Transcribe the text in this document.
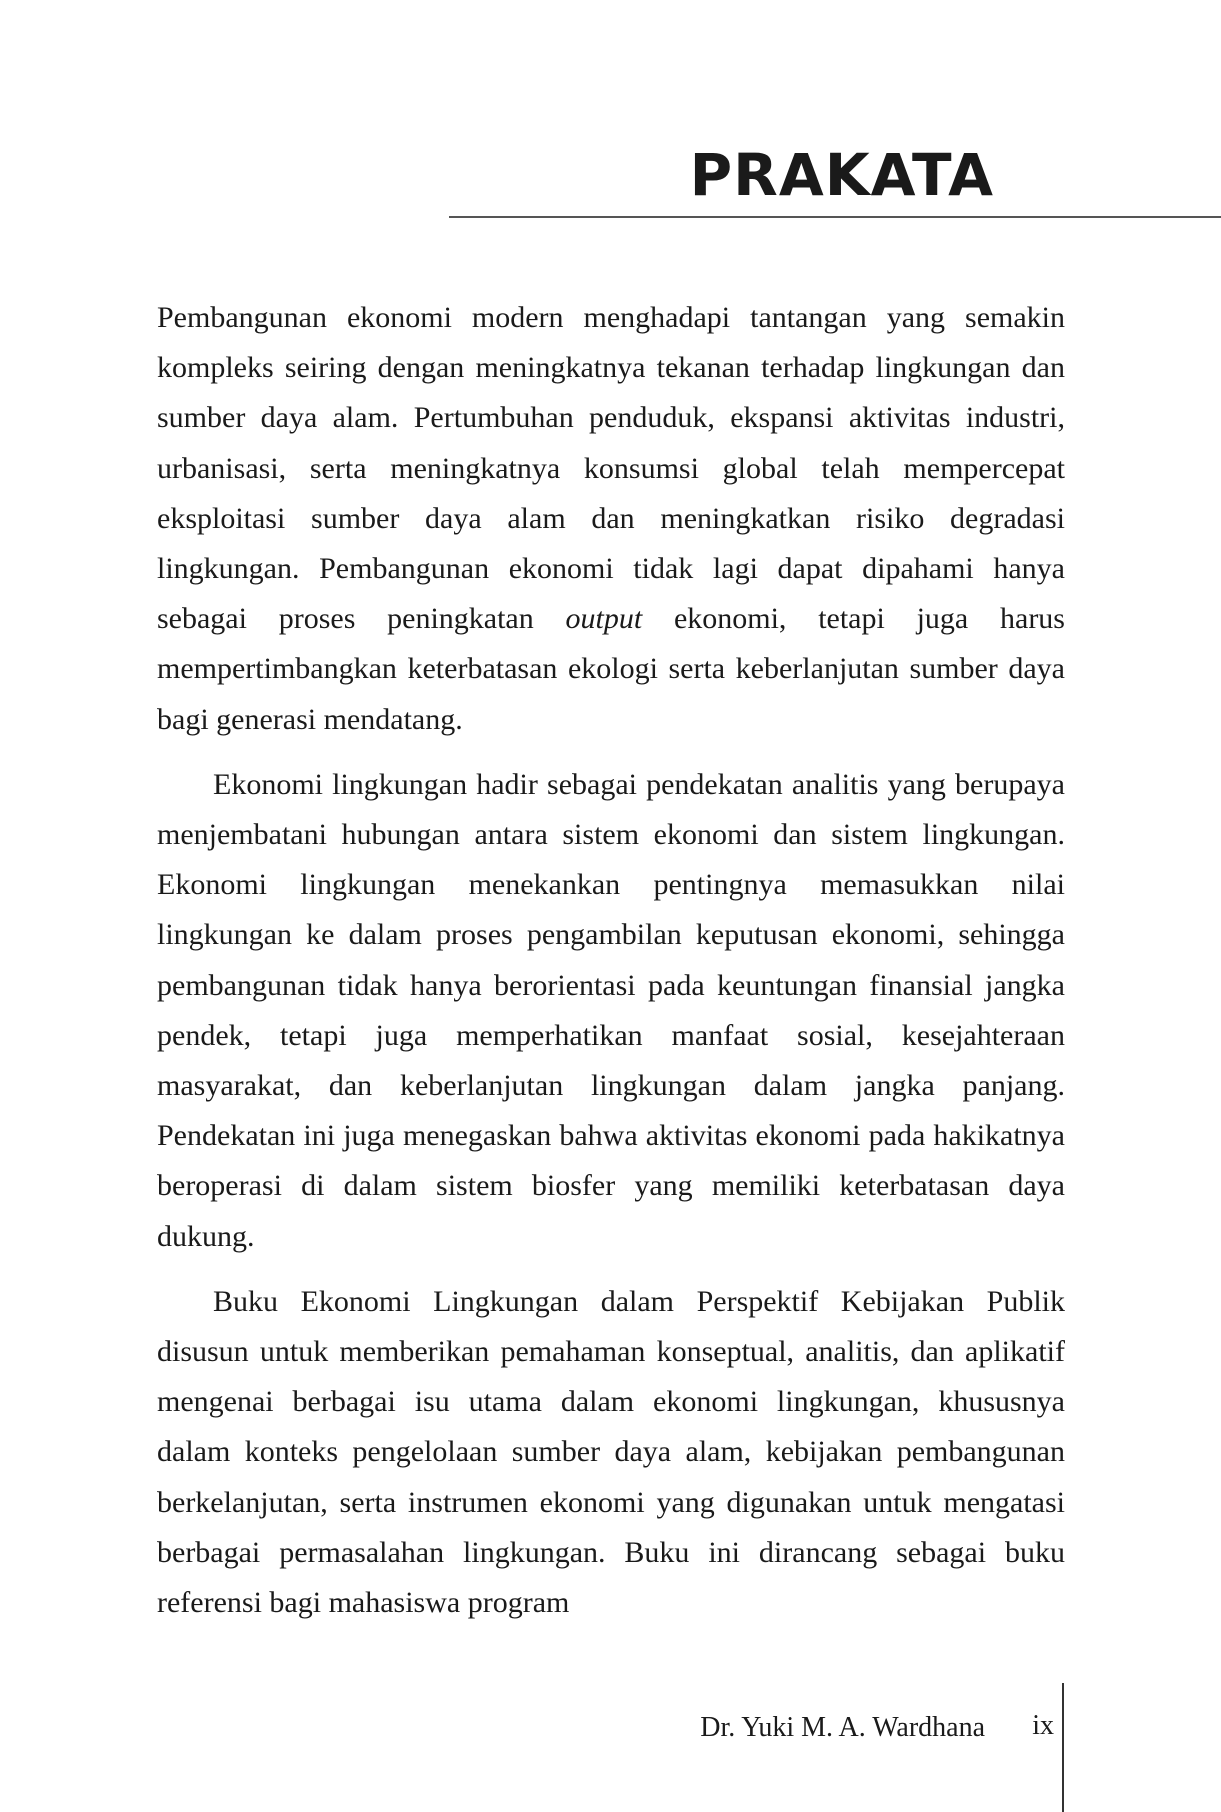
PRAKATA

Pembangunan ekonomi modern menghadapi tantangan yang semakin kompleks seiring dengan meningkatnya tekanan terhadap lingkungan dan sumber daya alam. Pertumbuhan penduduk, ekspansi aktivitas industri, urbanisasi, serta meningkatnya konsumsi global telah mempercepat eksploitasi sumber daya alam dan meningkatkan risiko degradasi lingkungan. Pembangunan ekonomi tidak lagi dapat dipahami hanya sebagai proses peningkatan output ekonomi, tetapi juga harus mempertimbangkan keterbatasan ekologi serta keberlanjutan sumber daya bagi generasi mendatang.

Ekonomi lingkungan hadir sebagai pendekatan analitis yang berupaya menjembatani hubungan antara sistem ekonomi dan sistem lingkungan. Ekonomi lingkungan menekankan pentingnya memasukkan nilai lingkungan ke dalam proses pengambilan keputusan ekonomi, sehingga pembangunan tidak hanya berorientasi pada keuntungan finansial jangka pendek, tetapi juga memperhatikan manfaat sosial, kesejahteraan masyarakat, dan keberlanjutan lingkungan dalam jangka panjang. Pendekatan ini juga menegaskan bahwa aktivitas ekonomi pada hakikatnya beroperasi di dalam sistem biosfer yang memiliki keterbatasan daya dukung.

Buku Ekonomi Lingkungan dalam Perspektif Kebijakan Publik disusun untuk memberikan pemahaman konseptual, analitis, dan aplikatif mengenai berbagai isu utama dalam ekonomi lingkungan, khususnya dalam konteks pengelolaan sumber daya alam, kebijakan pembangunan berkelanjutan, serta instrumen ekonomi yang digunakan untuk mengatasi berbagai permasalahan lingkungan. Buku ini dirancang sebagai buku referensi bagi mahasiswa program

Dr. Yuki M. A. Wardhana ix
